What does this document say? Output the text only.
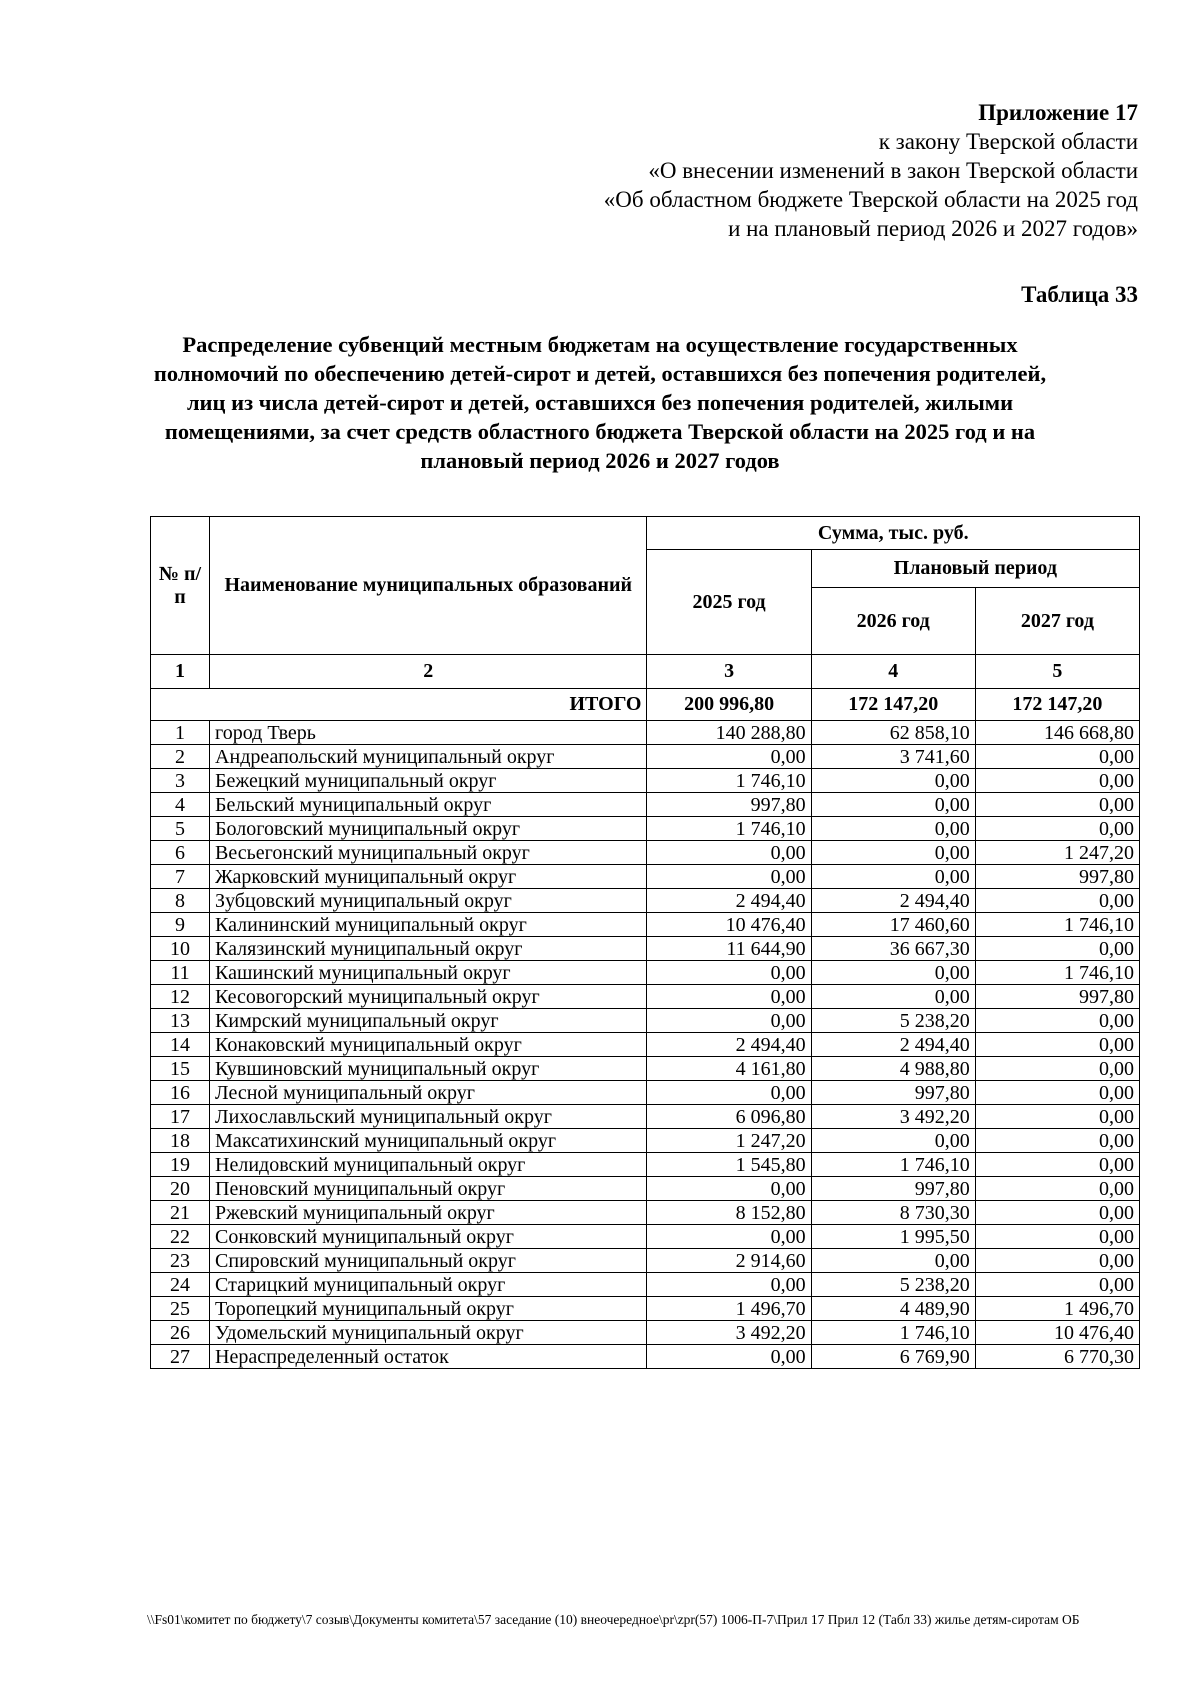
Приложение 17
к закону Тверской области
«О внесении изменений в закон Тверской области
«Об областном бюджете Тверской области на 2025 год
и на плановый период 2026 и 2027 годов»
Таблица 33
Распределение субвенций местным бюджетам на осуществление государственных полномочий по обеспечению детей-сирот и детей, оставшихся без попечения родителей, лиц из числа детей-сирот и детей, оставшихся без попечения родителей, жилыми помещениями, за счет средств областного бюджета Тверской области на 2025 год и на плановый период 2026 и 2027 годов
№ п/п	Наименование муниципальных образований	Сумма, тыс. руб.		
		2025 год	Плановый период	
			2026 год	2027 год
1	2	3	4	5
ИТОГО		200 996,80	172 147,20	172 147,20
1	город Тверь	140 288,80	62 858,10	146 668,80
2	Андреапольский муниципальный округ	0,00	3 741,60	0,00
3	Бежецкий муниципальный округ	1 746,10	0,00	0,00
4	Бельский муниципальный округ	997,80	0,00	0,00
5	Бологовский муниципальный округ	1 746,10	0,00	0,00
6	Весьегонский муниципальный округ	0,00	0,00	1 247,20
7	Жарковский муниципальный округ	0,00	0,00	997,80
8	Зубцовский муниципальный округ	2 494,40	2 494,40	0,00
9	Калининский муниципальный округ	10 476,40	17 460,60	1 746,10
10	Калязинский муниципальный округ	11 644,90	36 667,30	0,00
11	Кашинский муниципальный округ	0,00	0,00	1 746,10
12	Кесовогорский муниципальный округ	0,00	0,00	997,80
13	Кимрский муниципальный округ	0,00	5 238,20	0,00
14	Конаковский муниципальный округ	2 494,40	2 494,40	0,00
15	Кувшиновский муниципальный округ	4 161,80	4 988,80	0,00
16	Лесной муниципальный округ	0,00	997,80	0,00
17	Лихославльский муниципальный округ	6 096,80	3 492,20	0,00
18	Максатихинский муниципальный округ	1 247,20	0,00	0,00
19	Нелидовский муниципальный округ	1 545,80	1 746,10	0,00
20	Пеновский муниципальный округ	0,00	997,80	0,00
21	Ржевский муниципальный округ	8 152,80	8 730,30	0,00
22	Сонковский муниципальный округ	0,00	1 995,50	0,00
23	Спировский муниципальный округ	2 914,60	0,00	0,00
24	Старицкий муниципальный округ	0,00	5 238,20	0,00
25	Торопецкий муниципальный округ	1 496,70	4 489,90	1 496,70
26	Удомельский муниципальный округ	3 492,20	1 746,10	10 476,40
27	Нераспределенный остаток	0,00	6 769,90	6 770,30
\\Fs01\комитет по бюджету\7 созыв\Документы комитета\57 заседание (10) внеочередное\pr\zpr(57) 1006-П-7\Прил 17 Прил 12 (Табл 33) жилье детям-сиротам ОБ
